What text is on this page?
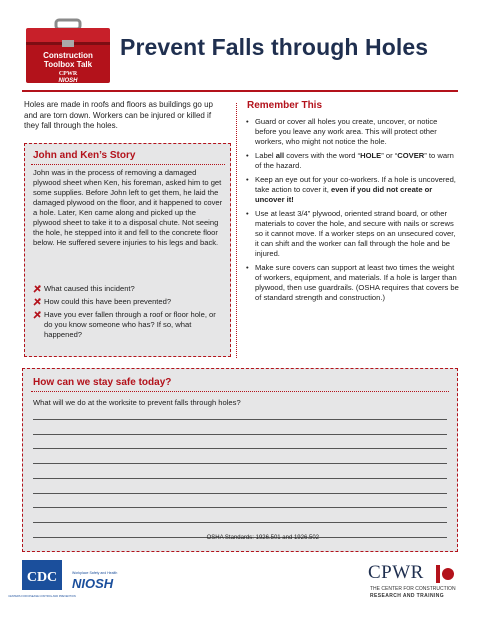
Construction
Toolbox Talk
CPWR
NIOSH
Prevent Falls through Holes
Holes are made in roofs and floors as buildings go up and are torn down. Workers can be injured or killed if they fall through the holes.
John and Ken’s Story
John was in the process of removing a damaged plywood sheet when Ken, his foreman, asked him to get some supplies. Before John left to get them, he laid the damaged plywood on the floor, and it happened to cover a hole. Later, Ken came along and picked up the plywood sheet to take it to a disposal chute. Not seeing the hole, he stepped into it and fell to the concrete floor below. He suffered severe injuries to his legs and back.
What caused this incident?
How could this have been prevented?
Have you ever fallen through a roof or floor hole, or do you know someone who has? If so, what happened?
Remember This
• Guard or cover all holes you create, uncover, or notice before you leave any work area. This will protect other workers, who might not notice the hole.
• Label all covers with the word “HOLE” or “COVER” to warn of the hazard.
• Keep an eye out for your co-workers. If a hole is uncovered, take action to cover it, even if you did not create or uncover it!
• Use at least 3/4” plywood, oriented strand board, or other materials to cover the hole, and secure with nails or screws so it cannot move. If a worker steps on an unsecured cover, it can shift and the worker can fall through the hole and be injured.
• Make sure covers can support at least two times the weight of workers, equipment, and materials. If a hole is larger than plywood, then use guardrails. (OSHA requires that covers be of standard strength and construction.)
How can we stay safe today?
What will we do at the worksite to prevent falls through holes?
OSHA Standards: 1926.501 and 1926.502
CDC
CENTERS FOR DISEASE CONTROL AND PREVENTION
Workplace Safety and Health
NIOSH
CPWR
THE CENTER FOR CONSTRUCTION
RESEARCH AND TRAINING
